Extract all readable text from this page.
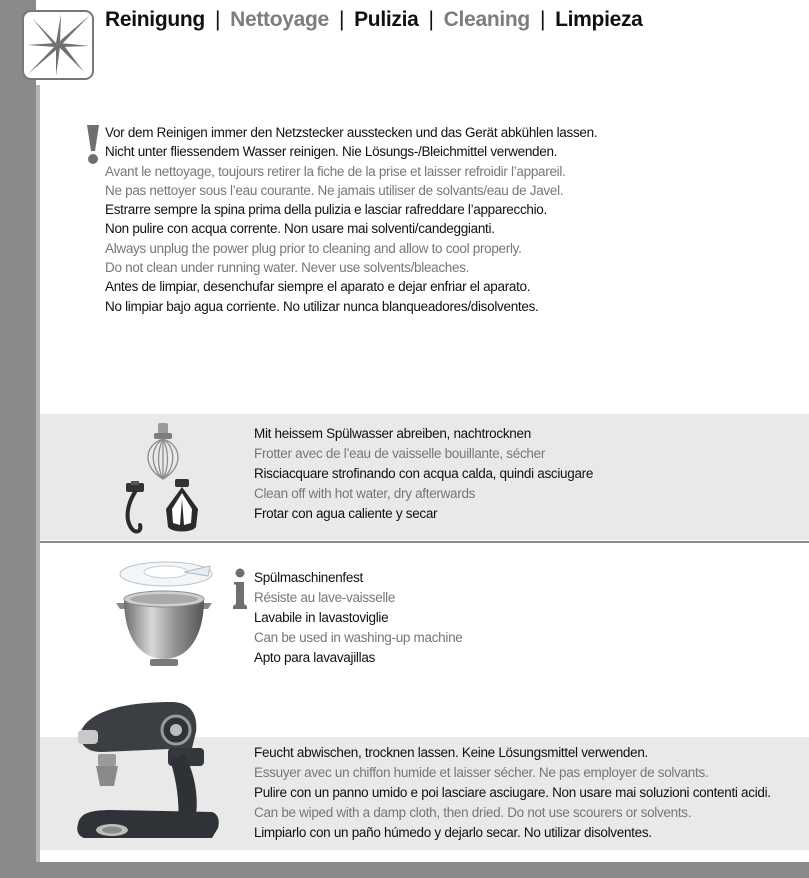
Reinigung | Nettoyage | Pulizia | Cleaning | Limpieza
Vor dem Reinigen immer den Netzstecker ausstecken und das Gerät abkühlen lassen.
Nicht unter fliessendem Wasser reinigen. Nie Lösungs-/Bleichmittel verwenden.
Avant le nettoyage, toujours retirer la fiche de la prise et laisser refroidir l’appareil.
Ne pas nettoyer sous l’eau courante. Ne jamais utiliser de solvants/eau de Javel.
Estrarre sempre la spina prima della pulizia e lasciar rafreddare l’apparecchio.
Non pulire con acqua corrente. Non usare mai solventi/candeggianti.
Always unplug the power plug prior to cleaning and allow to cool properly.
Do not clean under running water. Never use solvents/bleaches.
Antes de limpiar, desenchufar siempre el aparato e dejar enfriar el aparato.
No limpiar bajo agua corriente. No utilizar nunca blanqueadores/disolventes.
Mit heissem Spülwasser abreiben, nachtrocknen
Frotter avec de l’eau de vaisselle bouillante, sécher
Risciacquare strofinando con acqua calda, quindi asciugare
Clean off with hot water, dry afterwards
Frotar con agua caliente y secar
Spülmaschinenfest
Résiste au lave-vaisselle
Lavabile in lavastoviglie
Can be used in washing-up machine
Apto para lavavajillas
Feucht abwischen, trocknen lassen. Keine Lösungsmittel verwenden.
Essuyer avec un chiffon humide et laisser sécher. Ne pas employer de solvants.
Pulire con un panno umido e poi lasciare asciugare. Non usare mai soluzioni contenti acidi.
Can be wiped with a damp cloth, then dried. Do not use scourers or solvents.
Limpiarlo con un paño húmedo y dejarlo secar. No utilizar disolventes.
